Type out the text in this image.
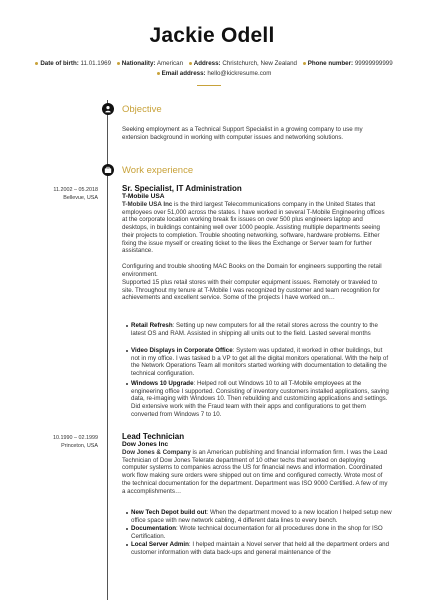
Jackie Odell
Date of birth: 11.01.1969 Nationality: American Address: Christchurch, New Zealand Phone number: 99999999999
Email address: hello@kickresume.com
Objective
Seeking employment as a Technical Support Specialist in a growing company to use my extension background in working with computer issues and networking solutions.
Work experience
11.2002 – 05.2018
Bellevue, USA
Sr. Specialist, IT Administration
T-Mobile USA
T-Mobile USA Inc is the third largest Telecommunications company in the United States that employees over 51,000 across the states. I have worked in several T-Mobile Engineering offices at the corporate location working break fix issues on over 500 plus engineers laptop and desktops, in buildings containing well over 1000 people. Assisting multiple departments seeing their projects to completion. Trouble shooting networking, software, hardware problems. Either fixing the issue myself or creating ticket to the likes the Exchange or Server team for further assistance.
Configuring and trouble shooting MAC Books on the Domain for engineers supporting the retail environment.
Supported 15 plus retail stores with their computer equipment issues. Remotely or traveled to site. Throughout my tenure at T-Mobile I was recognized by customer and team recognition for achievements and excellent service. Some of the projects I have worked on…
Retail Refresh: Setting up new computers for all the retail stores across the country to the latest OS and RAM. Assisted in shipping all units out to the field. Lasted several months
Video Displays in Corporate Office: System was updated, it worked in other buildings, but not in my office. I was tasked b a VP to get all the digital monitors operational. With the help of the Network Operations Team all monitors started working with documentation to detailing the technical configuration.
Windows 10 Upgrade: Helped roll out Windows 10 to all T-Mobile employees at the engineering office I supported. Consisting of inventory customers installed applications, saving data, re-imaging with Windows 10. Then rebuilding and customizing applications and settings. Did extensive work with the Fraud team with their apps and configurations to get them converted from Windows 7 to 10.
10.1990 – 02.1999
Princeton, USA
Lead Technician
Dow Jones Inc
Dow Jones & Company is an American publishing and financial information firm. I was the Lead Technician of Dow Jones Telerate department of 10 other techs that worked on deploying computer systems to companies across the US for financial news and information. Coordinated work flow making sure orders were shipped out on time and configured correctly. Wrote most of the technical documentation for the department. Department was ISO 9000 Certified. A few of my a accomplishments…
New Tech Depot build out: When the department moved to a new location I helped setup new office space with new network cabling, 4 different data lines to every bench.
Documentation: Wrote technical documentation for all procedures done in the shop for ISO Certification.
Local Server Admin: I helped maintain a Novel server that held all the department orders and customer information with data back-ups and general maintenance of the
